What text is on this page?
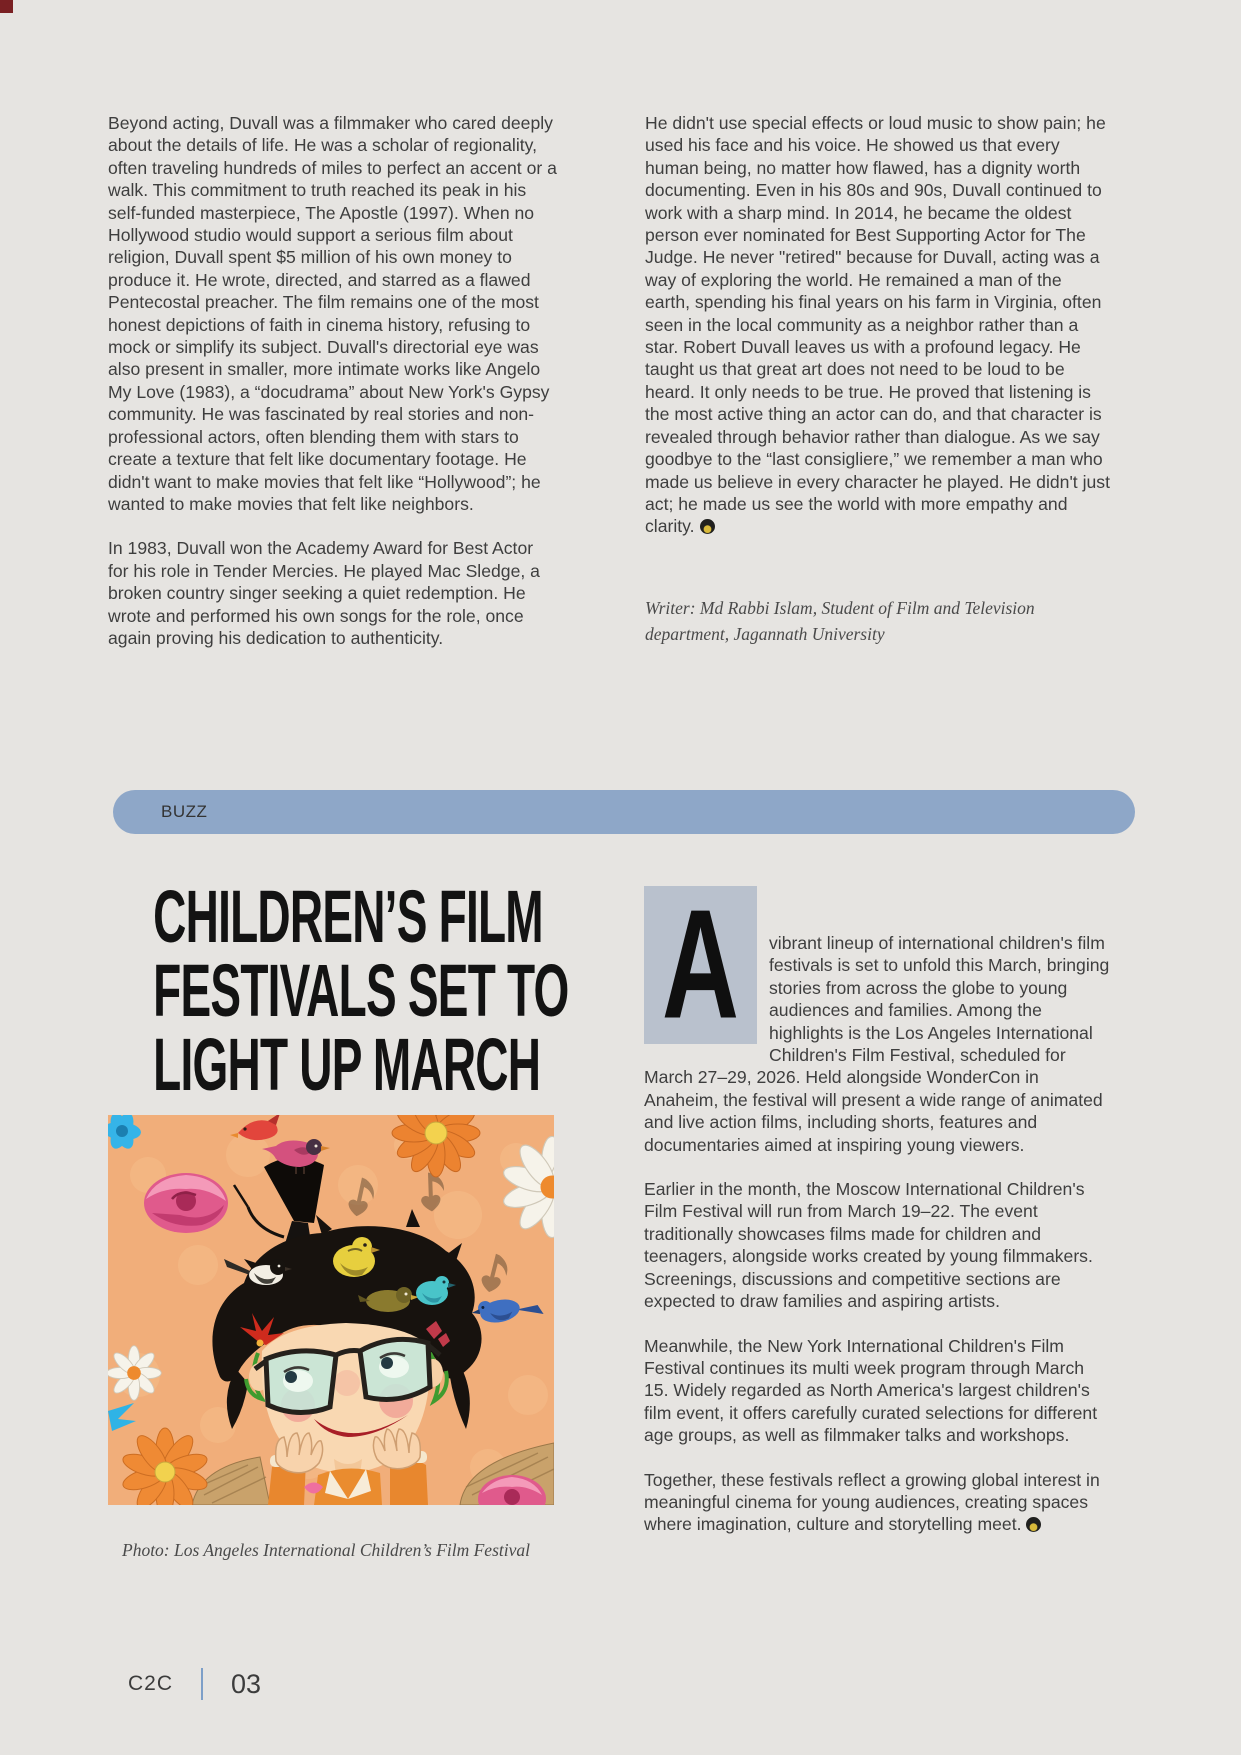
Beyond acting, Duvall was a filmmaker who cared deeply about the details of life. He was a scholar of regionality, often traveling hundreds of miles to perfect an accent or a walk. This commitment to truth reached its peak in his self-funded masterpiece, The Apostle (1997). When no Hollywood studio would support a serious film about religion, Duvall spent $5 million of his own money to produce it. He wrote, directed, and starred as a flawed Pentecostal preacher. The film remains one of the most honest depictions of faith in cinema history, refusing to mock or simplify its subject. Duvall's directorial eye was also present in smaller, more intimate works like Angelo My Love (1983), a “docudrama” about New York's Gypsy community. He was fascinated by real stories and non-professional actors, often blending them with stars to create a texture that felt like documentary footage. He didn't want to make movies that felt like “Hollywood”; he wanted to make movies that felt like neighbors.

In 1983, Duvall won the Academy Award for Best Actor for his role in Tender Mercies. He played Mac Sledge, a broken country singer seeking a quiet redemption. He wrote and performed his own songs for the role, once again proving his dedication to authenticity.

He didn't use special effects or loud music to show pain; he used his face and his voice. He showed us that every human being, no matter how flawed, has a dignity worth documenting. Even in his 80s and 90s, Duvall continued to work with a sharp mind. In 2014, he became the oldest person ever nominated for Best Supporting Actor for The Judge. He never "retired" because for Duvall, acting was a way of exploring the world. He remained a man of the earth, spending his final years on his farm in Virginia, often seen in the local community as a neighbor rather than a star. Robert Duvall leaves us with a profound legacy. He taught us that great art does not need to be loud to be heard. It only needs to be true. He proved that listening is the most active thing an actor can do, and that character is revealed through behavior rather than dialogue. As we say goodbye to the “last consigliere,” we remember a man who made us believe in every character he played. He didn't just act; he made us see the world with more empathy and clarity.

Writer: Md Rabbi Islam, Student of Film and Television department, Jagannath University
BUZZ
CHILDREN’S FILM
FESTIVALS SET TO
LIGHT UP MARCH
Photo: Los Angeles International Children’s Film Festival

A vibrant lineup of international children's film festivals is set to unfold this March, bringing stories from across the globe to young audiences and families. Among the highlights is the Los Angeles International Children's Film Festival, scheduled for March 27–29, 2026. Held alongside WonderCon in Anaheim, the festival will present a wide range of animated and live action films, including shorts, features and documentaries aimed at inspiring young viewers.

Earlier in the month, the Moscow International Children's Film Festival will run from March 19–22. The event traditionally showcases films made for children and teenagers, alongside works created by young filmmakers. Screenings, discussions and competitive sections are expected to draw families and aspiring artists.

Meanwhile, the New York International Children's Film Festival continues its multi week program through March 15. Widely regarded as North America's largest children's film event, it offers carefully curated selections for different age groups, as well as filmmaker talks and workshops.

Together, these festivals reflect a growing global interest in meaningful cinema for young audiences, creating spaces where imagination, culture and storytelling meet.

C2C 03
